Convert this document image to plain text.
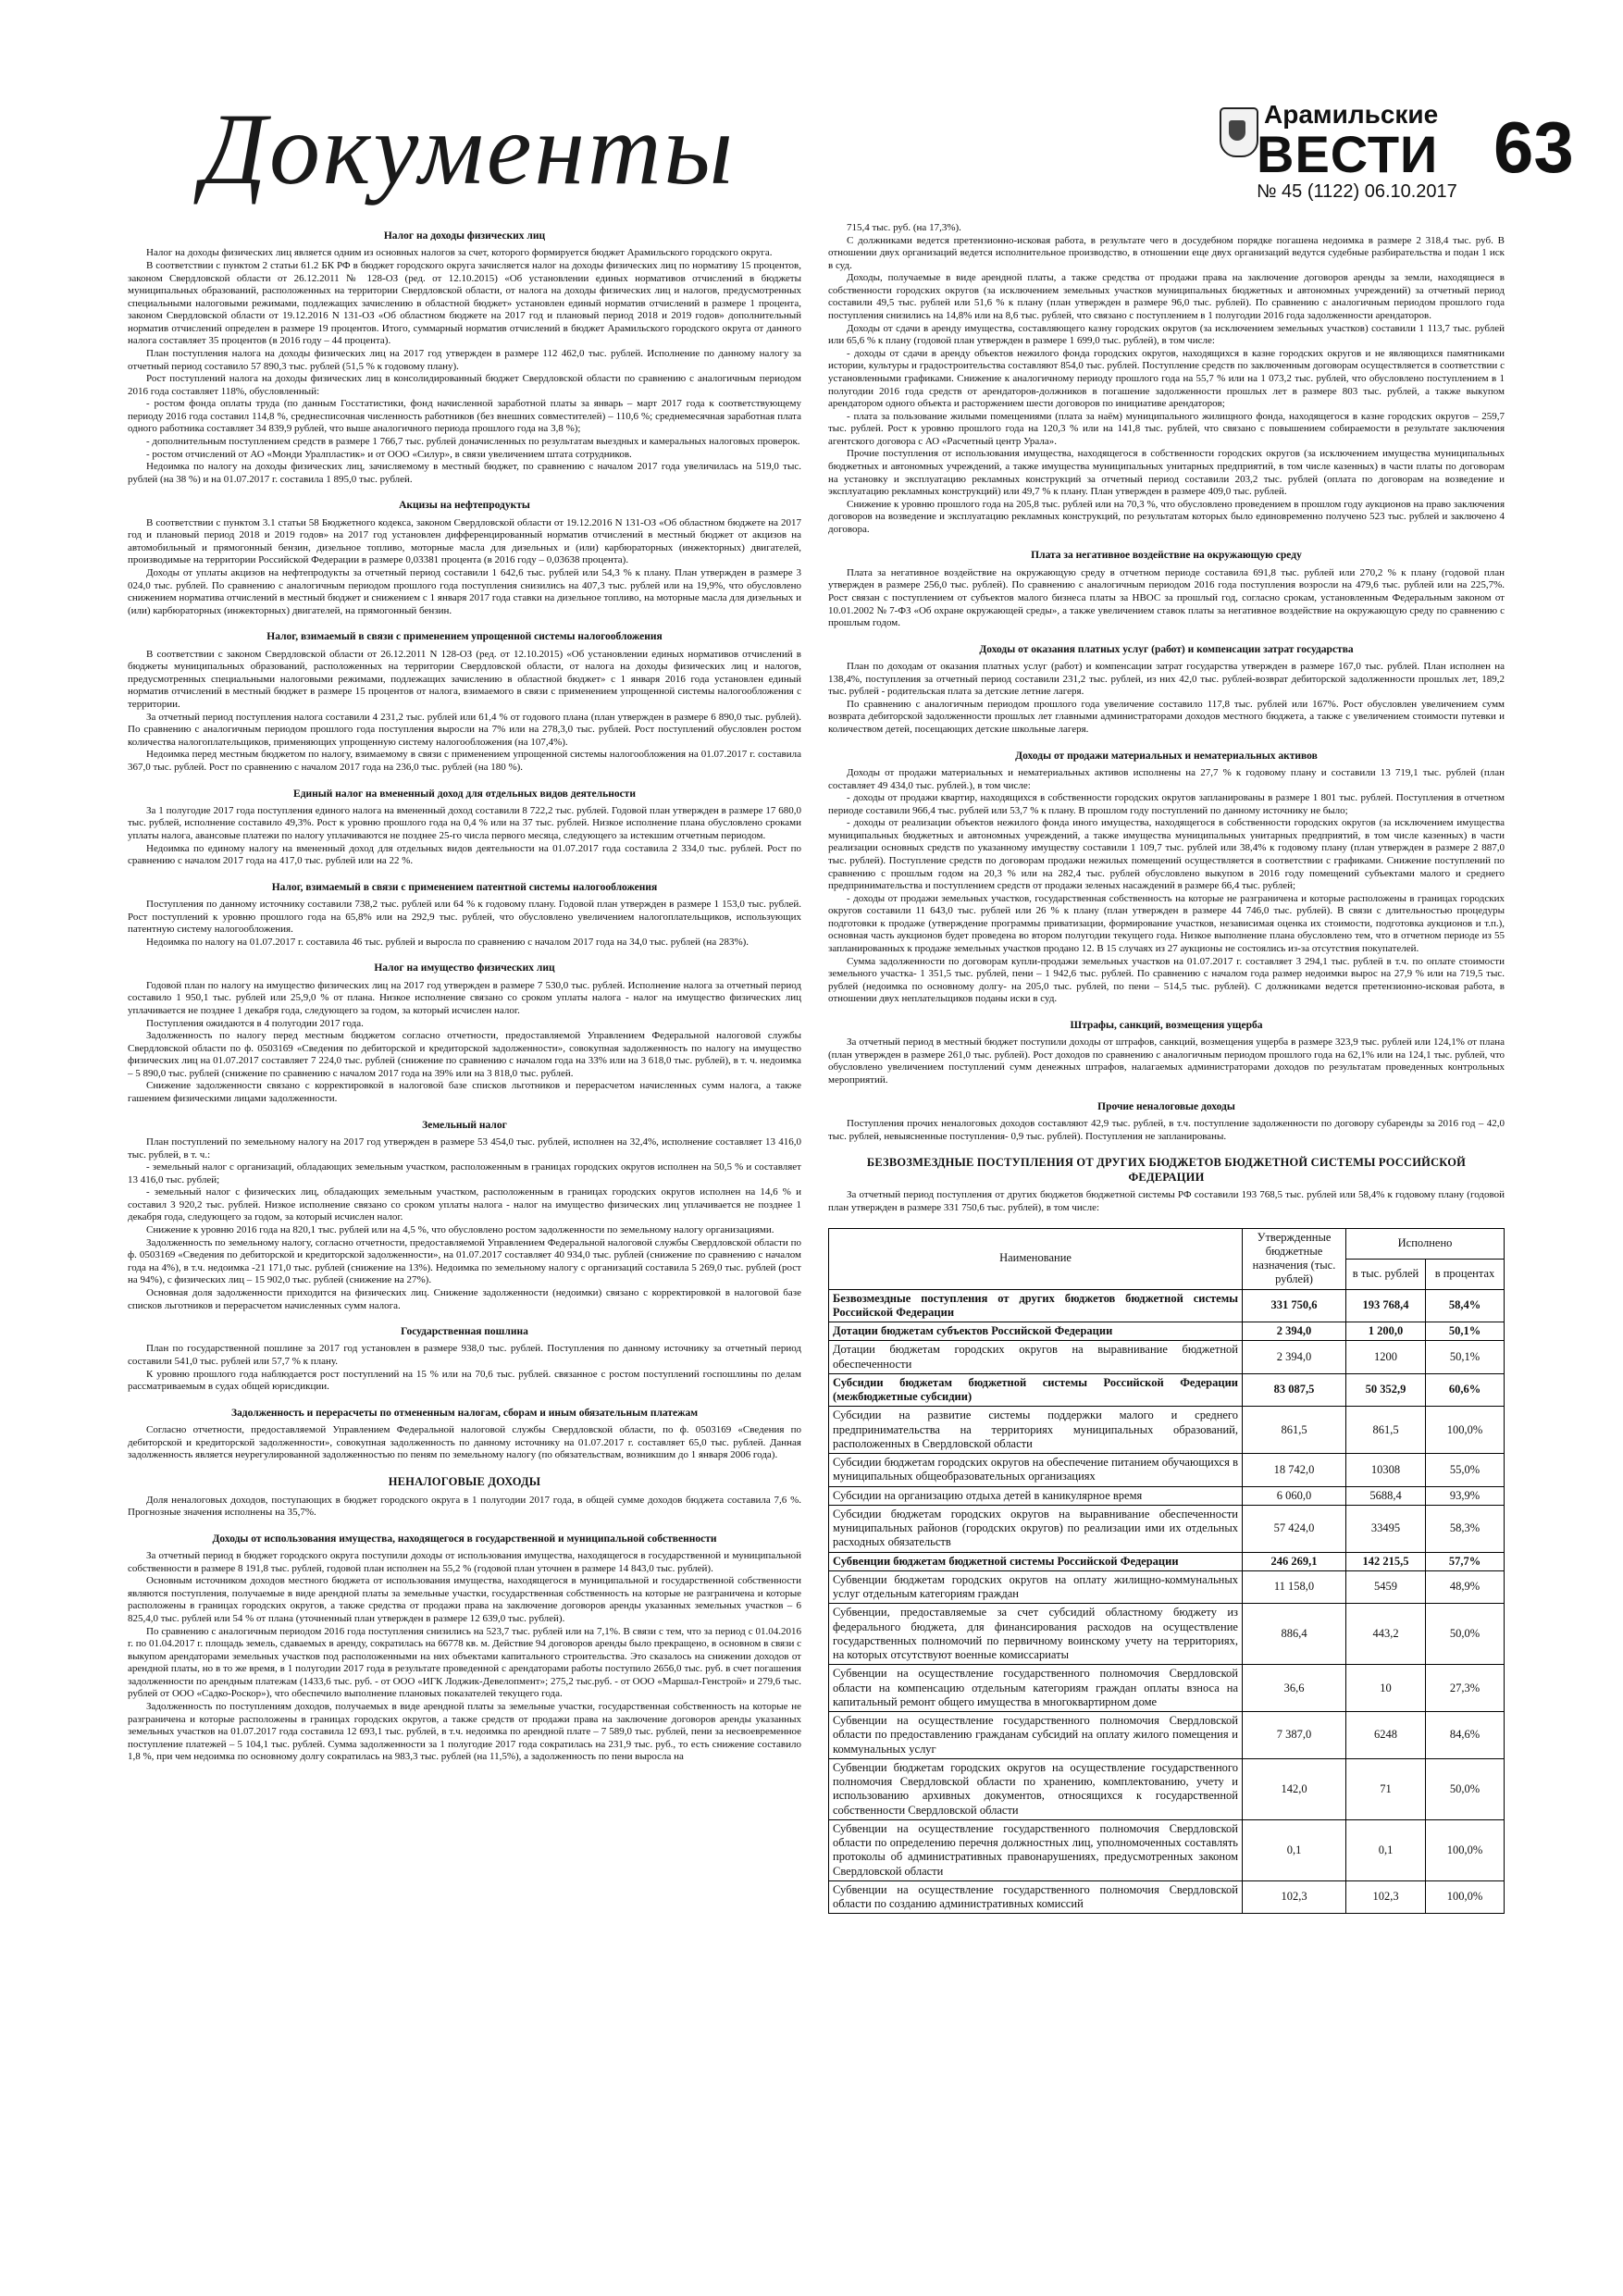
Документы	Арамильские
ВЕСТИ
№ 45 (1122) 06.10.2017
63
Налог на доходы физических лиц

Налог на доходы физических лиц является одним из основных налогов за счет, которого формируется бюджет Арамильского городского округа.

В соответствии с пунктом 2 статьи 61.2 БК РФ в бюджет городского округа зачисляется налог на доходы физических лиц по нормативу 15 процентов, законом Свердловской области от 26.12.2011 № 128-ОЗ (ред. от 12.10.2015) «Об установлении единых нормативов отчислений в бюджеты муниципальных образований, расположенных на территории Свердловской области, от налога на доходы физических лиц и налогов, предусмотренных специальными налоговыми режимами, подлежащих зачислению в областной бюджет» установлен единый норматив отчислений в размере 1 процента, законом Свердловской области от 19.12.2016 N 131-ОЗ «Об областном бюджете на 2017 год и плановый период 2018 и 2019 годов» дополнительный норматив отчислений определен в размере 19 процентов. Итого, суммарный норматив отчислений в бюджет Арамильского городского округа от данного налога составляет 35 процентов (в 2016 году – 44 процента).

План поступления налога на доходы физических лиц на 2017 год утвержден в размере 112 462,0 тыс. рублей. Исполнение по данному налогу за отчетный период составило 57 890,3 тыс. рублей (51,5 % к годовому плану).

Рост поступлений налога на доходы физических лиц в консолидированный бюджет Свердловской области по сравнению с аналогичным периодом 2016 года составляет 118%, обусловленный:

- ростом фонда оплаты труда (по данным Госстатистики, фонд начисленной заработной платы за январь – март 2017 года к соответствующему периоду 2016 года составил 114,8 %, среднесписочная численность работников (без внешних совместителей) – 110,6 %; среднемесячная заработная плата одного работника составляет 34 839,9 рублей, что выше аналогичного периода прошлого года на 3,8 %);

- дополнительным поступлением средств в размере 1 766,7 тыс. рублей доначисленных по результатам выездных и камеральных налоговых проверок.

- ростом отчислений от АО «Монди Уралпластик» и от ООО «Силур», в связи увеличением штата сотрудников.

Недоимка по налогу на доходы физических лиц, зачисляемому в местный бюджет, по сравнению с началом 2017 года увеличилась на 519,0 тыс. рублей (на 38 %) и на 01.07.2017 г. составила 1 895,0 тыс. рублей.

Акцизы на нефтепродукты

В соответствии с пунктом 3.1 статьи 58 Бюджетного кодекса, законом Свердловской области от 19.12.2016 N 131-ОЗ «Об областном бюджете на 2017 год и плановый период 2018 и 2019 годов» на 2017 год установлен дифференцированный норматив отчислений в местный бюджет от акцизов на автомобильный и прямогонный бензин, дизельное топливо, моторные масла для дизельных и (или) карбюраторных (инжекторных) двигателей, производимые на территории Российской Федерации в размере 0,03381 процента (в 2016 году – 0,03638 процента).

Доходы от уплаты акцизов на нефтепродукты за отчетный период составили 1 642,6 тыс. рублей или 54,3 % к плану. План утвержден в размере 3 024,0 тыс. рублей. По сравнению с аналогичным периодом прошлого года поступления снизились на 407,3 тыс. рублей или на 19,9%, что обусловлено снижением норматива отчислений в местный бюджет и снижением с 1 января 2017 года ставки на дизельное топливо, на моторные масла для дизельных и (или) карбюраторных (инжекторных) двигателей, на прямогонный бензин.

Налог, взимаемый в связи с применением упрощенной системы налогообложения

В соответствии с законом Свердловской области от 26.12.2011 N 128-ОЗ (ред. от 12.10.2015) «Об установлении единых нормативов отчислений в бюджеты муниципальных образований, расположенных на территории Свердловской области, от налога на доходы физических лиц и налогов, предусмотренных специальными налоговыми режимами, подлежащих зачислению в областной бюджет» с 1 января 2016 года установлен единый норматив отчислений в местный бюджет в размере 15 процентов от налога, взимаемого в связи с применением упрощенной системы налогообложения с территории.

За отчетный период поступления налога составили 4 231,2 тыс. рублей или 61,4 % от годового плана (план утвержден в размере 6 890,0 тыс. рублей). По сравнению с аналогичным периодом прошлого года поступления выросли на 7% или на 278,3,0 тыс. рублей. Рост поступлений обусловлен ростом количества налогоплательщиков, применяющих упрощенную систему налогообложения (на 107,4%).

Недоимка перед местным бюджетом по налогу, взимаемому в связи с применением упрощенной системы налогообложения на 01.07.2017 г. составила 367,0 тыс. рублей. Рост по сравнению с началом 2017 года на 236,0 тыс. рублей (на 180 %).

Единый налог на вмененный доход для отдельных видов деятельности

За 1 полугодие 2017 года поступления единого налога на вмененный доход составили 8 722,2 тыс. рублей. Годовой план утвержден в размере 17 680,0 тыс. рублей, исполнение составило 49,3%. Рост к уровню прошлого года на 0,4 % или на 37 тыс. рублей. Низкое исполнение плана обусловлено сроками уплаты налога, авансовые платежи по налогу уплачиваются не позднее 25-го числа первого месяца, следующего за истекшим отчетным периодом.

Недоимка по единому налогу на вмененный доход для отдельных видов деятельности на 01.07.2017 года составила 2 334,0 тыс. рублей. Рост по сравнению с началом 2017 года на 417,0 тыс. рублей или на 22 %.

Налог, взимаемый в связи с применением патентной системы налогообложения

Поступления по данному источнику составили 738,2 тыс. рублей или 64 % к годовому плану. Годовой план утвержден в размере 1 153,0 тыс. рублей. Рост поступлений к уровню прошлого года на 65,8% или на 292,9 тыс. рублей, что обусловлено увеличением налогоплательщиков, использующих патентную систему налогообложения.

Недоимка по налогу на 01.07.2017 г. составила 46 тыс. рублей и выросла по сравнению с началом 2017 года на 34,0 тыс. рублей (на 283%).

Налог на имущество физических лиц

Годовой план по налогу на имущество физических лиц на 2017 год утвержден в размере 7 530,0 тыс. рублей. Исполнение налога за отчетный период составило 1 950,1 тыс. рублей или 25,9,0 % от плана. Низкое исполнение связано со сроком уплаты налога - налог на имущество физических лиц уплачивается не позднее 1 декабря года, следующего за годом, за который исчислен налог.

Поступления ожидаются в 4 полугодии 2017 года.

Задолженность по налогу перед местным бюджетом согласно отчетности, предоставляемой Управлением Федеральной налоговой службы Свердловской области по ф. 0503169 «Сведения по дебиторской и кредиторской задолженности», совокупная задолженность по налогу на имущество физических лиц на 01.07.2017 составляет 7 224,0 тыс. рублей (снижение по сравнению с началом года на 33% или на 3 618,0 тыс. рублей), в т. ч. недоимка – 5 890,0 тыс. рублей (снижение по сравнению с началом 2017 года на 39% или на 3 818,0 тыс. рублей.

Снижение задолженности связано с корректировкой в налоговой базе списков льготников и перерасчетом начисленных сумм налога, а также гашением физическими лицами задолженности.

Земельный налог

План поступлений по земельному налогу на 2017 год утвержден в размере 53 454,0 тыс. рублей, исполнен на 32,4%, исполнение составляет 13 416,0 тыс. рублей, в т. ч.:

- земельный налог с организаций, обладающих земельным участком, расположенным в границах городских округов исполнен на 50,5 % и составляет 13 416,0 тыс. рублей;

- земельный налог с физических лиц, обладающих земельным участком, расположенным в границах городских округов исполнен на 14,6 % и составил 3 920,2 тыс. рублей. Низкое исполнение связано со сроком уплаты налога - налог на имущество физических лиц уплачивается не позднее 1 декабря года, следующего за годом, за который исчислен налог.

Снижение к уровню 2016 года на 820,1 тыс. рублей или на 4,5 %, что обусловлено ростом задолженности по земельному налогу организациями.

Задолженность по земельному налогу, согласно отчетности, предоставляемой Управлением Федеральной налоговой службы Свердловской области по ф. 0503169 «Сведения по дебиторской и кредиторской задолженности», на 01.07.2017 составляет 40 934,0 тыс. рублей (снижение по сравнению с началом года на 4%), в т.ч. недоимка -21 171,0 тыс. рублей (снижение на 13%). Недоимка по земельному налогу с организаций составила 5 269,0 тыс. рублей (рост на 94%), с физических лиц – 15 902,0 тыс. рублей (снижение на 27%).

Основная доля задолженности приходится на физических лиц. Снижение задолженности (недоимки) связано с корректировкой в налоговой базе списков льготников и перерасчетом начисленных сумм налога.

Государственная пошлина

План по государственной пошлине за 2017 год установлен в размере 938,0 тыс. рублей. Поступления по данному источнику за отчетный период составили 541,0 тыс. рублей или 57,7 % к плану.

К уровню прошлого года наблюдается рост поступлений на 15 % или на 70,6 тыс. рублей. связанное с ростом поступлений госпошлины по делам рассматриваемым в судах общей юрисдикции.

Задолженность и перерасчеты по отмененным налогам, сборам и иным обязательным платежам

Согласно отчетности, предоставляемой Управлением Федеральной налоговой службы Свердловской области, по ф. 0503169 «Сведения по дебиторской и кредиторской задолженности», совокупная задолженность по данному источнику на 01.07.2017 г. составляет 65,0 тыс. рублей. Данная задолженность является неурегулированной задолженностью по пеням по земельному налогу (по обязательствам, возникшим до 1 января 2006 года).

НЕНАЛОГОВЫЕ ДОХОДЫ

Доля неналоговых доходов, поступающих в бюджет городского округа в 1 полугодии 2017 года, в общей сумме доходов бюджета составила 7,6 %. Прогнозные значения исполнены на 35,7%.

Доходы от использования имущества, находящегося в государственной и муниципальной собственности

За отчетный период в бюджет городского округа поступили доходы от использования имущества, находящегося в государственной и муниципальной собственности в размере 8 191,8 тыс. рублей, годовой план исполнен на 55,2 % (годовой план уточнен в размере 14 843,0 тыс. рублей).

Основным источником доходов местного бюджета от использования имущества, находящегося в муниципальной и государственной собственности являются поступления, получаемые в виде арендной платы за земельные участки, государственная собственность на которые не разграничена и которые расположены в границах городских округов, а также средства от продажи права на заключение договоров аренды указанных земельных участков – 6 825,4,0 тыс. рублей или 54 % от плана (уточненный план утвержден в размере 12 639,0 тыс. рублей).

По сравнению с аналогичным периодом 2016 года поступления снизились на 523,7 тыс. рублей или на 7,1%. В связи с тем, что за период с 01.04.2016 г. по 01.04.2017 г. площадь земель, сдаваемых в аренду, сократилась на 66778 кв. м. Действие 94 договоров аренды было прекращено, в основном в связи с выкупом арендаторами земельных участков под расположенными на них объектами капитального строительства. Это сказалось на снижении доходов от арендной платы, но в то же время, в 1 полугодии 2017 года в результате проведенной с арендаторами работы поступило 2656,0 тыс. руб. в счет погашения задолженности по арендным платежам (1433,6 тыс. руб. - от ООО «ИГК Лоджик-Девелопмент»; 275,2 тыс.руб. - от ООО «Маршал-Генстрой» и 279,6 тыс. рублей от ООО «Садко-Роскор»), что обеспечило выполнение плановых показателей текущего года.

Задолженность по поступлениям доходов, получаемых в виде арендной платы за земельные участки, государственная собственность на которые не разграничена и которые расположены в границах городских округов, а также средств от продажи права на заключение договоров аренды указанных земельных участков на 01.07.2017 года составила 12 693,1 тыс. рублей, в т.ч. недоимка по арендной плате – 7 589,0 тыс. рублей, пени за несвоевременное поступление платежей – 5 104,1 тыс. рублей. Сумма задолженности за 1 полугодие 2017 года сократилась на 231,9 тыс. руб., то есть снижение составило 1,8 %, при чем недоимка по основному долгу сократилась на 983,3 тыс. рублей (на 11,5%), а задолженность по пени выросла на

715,4 тыс. руб. (на 17,3%).

С должниками ведется претензионно-исковая работа, в результате чего в досудебном порядке погашена недоимка в размере 2 318,4 тыс. руб. В отношении двух организаций ведется исполнительное производство, в отношении еще двух организаций ведутся судебные разбирательства и подан 1 иск в суд.

Доходы, получаемые в виде арендной платы, а также средства от продажи права на заключение договоров аренды за земли, находящиеся в собственности городских округов (за исключением земельных участков муниципальных бюджетных и автономных учреждений) за отчетный период составили 49,5 тыс. рублей или 51,6 % к плану (план утвержден в размере 96,0 тыс. рублей). По сравнению с аналогичным периодом прошлого года поступления снизились на 14,8% или на 8,6 тыс. рублей, что связано с поступлением в 1 полугодии 2016 года задолженности арендаторов.

Доходы от сдачи в аренду имущества, составляющего казну городских округов (за исключением земельных участков) составили 1 113,7 тыс. рублей или 65,6 % к плану (годовой план утвержден в размере 1 699,0 тыс. рублей), в том числе:

- доходы от сдачи в аренду объектов нежилого фонда городских округов, находящихся в казне городских округов и не являющихся памятниками истории, культуры и градостроительства составляют 854,0 тыс. рублей. Поступление средств по заключенным договорам осуществляется в соответствии с установленными графиками. Снижение к аналогичному периоду прошлого года на 55,7 % или на 1 073,2 тыс. рублей, что обусловлено поступлением в 1 полугодии 2016 года средств от арендаторов-должников в погашение задолженности прошлых лет в размере 803 тыс. рублей, а также выкупом арендатором одного объекта и расторжением шести договоров по инициативе арендаторов;

- плата за пользование жилыми помещениями (плата за наём) муниципального жилищного фонда, находящегося в казне городских округов – 259,7 тыс. рублей. Рост к уровню прошлого года на 120,3 % или на 141,8 тыс. рублей, что связано с повышением собираемости в результате заключения агентского договора с АО «Расчетный центр Урала».

Прочие поступления от использования имущества, находящегося в собственности городских округов (за исключением имущества муниципальных бюджетных и автономных учреждений, а также имущества муниципальных унитарных предприятий, в том числе казенных) в части платы по договорам на установку и эксплуатацию рекламных конструкций за отчетный период составили 203,2 тыс. рублей (оплата по договорам на возведение и эксплуатацию рекламных конструкций) или 49,7 % к плану. План утвержден в размере 409,0 тыс. рублей.

Снижение к уровню прошлого года на 205,8 тыс. рублей или на 70,3 %, что обусловлено проведением в прошлом году аукционов на право заключения договоров на возведение и эксплуатацию рекламных конструкций, по результатам которых было единовременно получено 523 тыс. рублей и заключено 4 договора.

Плата за негативное воздействие на окружающую среду

Плата за негативное воздействие на окружающую среду в отчетном периоде составила 691,8 тыс. рублей или 270,2 % к плану (годовой план утвержден в размере 256,0 тыс. рублей). По сравнению с аналогичным периодом 2016 года поступления возросли на 479,6 тыс. рублей или на 225,7%. Рост связан с поступлением от субъектов малого бизнеса платы за НВОС за прошлый год, согласно срокам, установленным Федеральным законом от 10.01.2002 № 7-ФЗ «Об охране окружающей среды», а также увеличением ставок платы за негативное воздействие на окружающую среду по сравнению с прошлым годом.

Доходы от оказания платных услуг (работ) и компенсации затрат государства

План по доходам от оказания платных услуг (работ) и компенсации затрат государства утвержден в размере 167,0 тыс. рублей. План исполнен на 138,4%, поступления за отчетный период составили 231,2 тыс. рублей, из них 42,0 тыс. рублей-возврат дебиторской задолженности прошлых лет, 189,2 тыс. рублей - родительская плата за детские летние лагеря.

По сравнению с аналогичным периодом прошлого года увеличение составило 117,8 тыс. рублей или 167%. Рост обусловлен увеличением сумм возврата дебиторской задолженности прошлых лет главными администраторами доходов местного бюджета, а также с увеличением стоимости путевки и количеством детей, посещающих детские школьные лагеря.

Доходы от продажи материальных и нематериальных активов

Доходы от продажи материальных и нематериальных активов исполнены на 27,7 % к годовому плану и составили 13 719,1 тыс. рублей (план составляет 49 434,0 тыс. рублей.), в том числе:

- доходы от продажи квартир, находящихся в собственности городских округов запланированы в размере 1 801 тыс. рублей. Поступления в отчетном периоде составили 966,4 тыс. рублей или 53,7 % к плану. В прошлом году поступлений по данному источнику не было;

- доходы от реализации объектов нежилого фонда иного имущества, находящегося в собственности городских округов (за исключением имущества муниципальных бюджетных и автономных учреждений, а также имущества муниципальных унитарных предприятий, в том числе казенных) в части реализации основных средств по указанному имуществу составили 1 109,7 тыс. рублей или 38,4% к годовому плану (план утвержден в размере 2 887,0 тыс. рублей). Поступление средств по договорам продажи нежилых помещений осуществляется в соответствии с графиками. Снижение поступлений по сравнению с прошлым годом на 20,3 % или на 282,4 тыс. рублей обусловлено выкупом в 2016 году помещений субъектами малого и среднего предпринимательства и поступлением средств от продажи зеленых насаждений в размере 66,4 тыс. рублей;

- доходы от продажи земельных участков, государственная собственность на которые не разграничена и которые расположены в границах городских округов составили 11 643,0 тыс. рублей или 26 % к плану (план утвержден в размере 44 746,0 тыс. рублей). В связи с длительностью процедуры подготовки к продаже (утверждение программы приватизации, формирование участков, независимая оценка их стоимости, подготовка аукционов и т.п.), основная часть аукционов будет проведена во втором полугодии текущего года. Низкое выполнение плана обусловлено тем, что в отчетном периоде из 55 запланированных к продаже земельных участков продано 12. В 15 случаях из 27 аукционы не состоялись из-за отсутствия покупателей.

Сумма задолженности по договорам купли-продажи земельных участков на 01.07.2017 г. составляет 3 294,1 тыс. рублей в т.ч. по оплате стоимости земельного участка- 1 351,5 тыс. рублей, пени – 1 942,6 тыс. рублей. По сравнению с началом года размер недоимки вырос на 27,9 % или на 719,5 тыс. рублей (недоимка по основному долгу- на 205,0 тыс. рублей, по пени – 514,5 тыс. рублей). С должниками ведется претензионно-исковая работа, в отношении двух неплательщиков поданы иски в суд.

Штрафы, санкций, возмещения ущерба

За отчетный период в местный бюджет поступили доходы от штрафов, санкций, возмещения ущерба в размере 323,9 тыс. рублей или 124,1% от плана (план утвержден в размере 261,0 тыс. рублей). Рост доходов по сравнению с аналогичным периодом прошлого года на 62,1% или на 124,1 тыс. рублей, что обусловлено увеличением поступлений сумм денежных штрафов, налагаемых администраторами доходов по результатам проведенных контрольных мероприятий.

Прочие неналоговые доходы

Поступления прочих неналоговых доходов составляют 42,9 тыс. рублей, в т.ч. поступление задолженности по договору субаренды за 2016 год – 42,0 тыс. рублей, невыясненные поступления- 0,9 тыс. рублей). Поступления не запланированы.

БЕЗВОЗМЕЗДНЫЕ ПОСТУПЛЕНИЯ ОТ ДРУГИХ БЮДЖЕТОВ БЮДЖЕТНОЙ СИСТЕМЫ РОССИЙСКОЙ ФЕДЕРАЦИИ

За отчетный период поступления от других бюджетов бюджетной системы РФ составили 193 768,5 тыс. рублей или 58,4% к годовому плану (годовой план утвержден в размере 331 750,6 тыс. рублей), в том числе:

Наименование	Утвержденные бюджетные назначения (тыс. рублей)	Исполнено	
		в тыс. рублей	в процентах
Безвозмездные поступления от других бюджетов бюджетной системы Российской Федерации	331 750,6	193 768,4	58,4%
Дотации бюджетам субъектов Российской Федерации	2 394,0	1 200,0	50,1%
Дотации бюджетам городских округов на выравнивание бюджетной обеспеченности	2 394,0	1200	50,1%
Субсидии бюджетам бюджетной системы Российской Федерации (межбюджетные субсидии)	83 087,5	50 352,9	60,6%
Субсидии на развитие системы поддержки малого и среднего предпринимательства на территориях муниципальных образований, расположенных в Свердловской области	861,5	861,5	100,0%
Субсидии бюджетам городских округов на обеспечение питанием обучающихся в муниципальных общеобразовательных организациях	18 742,0	10308	55,0%
Субсидии на организацию отдыха детей в каникулярное время	6 060,0	5688,4	93,9%
Субсидии бюджетам городских округов на выравнивание обеспеченности муниципальных районов (городских округов) по реализации ими их отдельных расходных обязательств	57 424,0	33495	58,3%
Субвенции бюджетам бюджетной системы Российской Федерации	246 269,1	142 215,5	57,7%
Субвенции бюджетам городских округов на оплату жилищно-коммунальных услуг отдельным категориям граждан	11 158,0	5459	48,9%
Субвенции, предоставляемые за счет субсидий областному бюджету из федерального бюджета, для финансирования расходов на осуществление государственных полномочий по первичному воинскому учету на территориях, на которых отсутствуют военные комиссариаты	886,4	443,2	50,0%
Субвенции на осуществление государственного полномочия Свердловской области на компенсацию отдельным категориям граждан оплаты взноса на капитальный ремонт общего имущества в многоквартирном доме	36,6	10	27,3%
Субвенции на осуществление государственного полномочия Свердловской области по предоставлению гражданам субсидий на оплату жилого помещения и коммунальных услуг	7 387,0	6248	84,6%
Субвенции бюджетам городских округов на осуществление государственного полномочия Свердловской области по хранению, комплектованию, учету и использованию архивных документов, относящихся к государственной собственности Свердловской области	142,0	71	50,0%
Субвенции на осуществление государственного полномочия Свердловской области по определению перечня должностных лиц, уполномоченных составлять протоколы об административных правонарушениях, предусмотренных законом Свердловской области	0,1	0,1	100,0%
Субвенции на осуществление государственного полномочия Свердловской области по созданию административных комиссий	102,3	102,3	100,0%
